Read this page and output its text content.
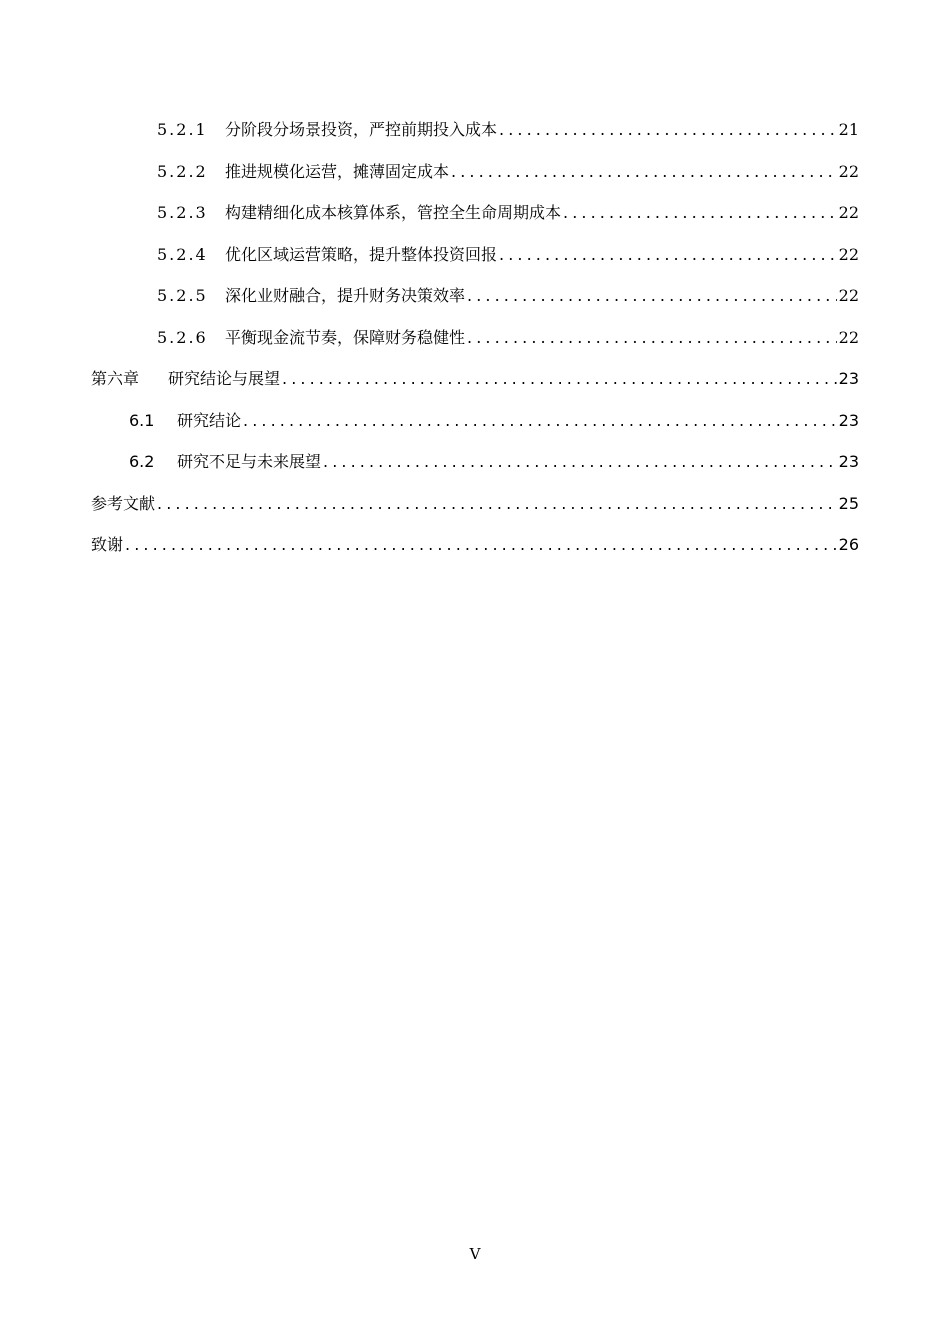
5.2.1	分阶段分场景投资，严控前期投入成本 .....	21
5.2.2	推进规模化运营，摊薄固定成本 .....	22
5.2.3	构建精细化成本核算体系，管控全生命周期成本 .....	22
5.2.4	优化区域运营策略，提升整体投资回报 .....	22
5.2.5	深化业财融合，提升财务决策效率 .....	22
5.2.6	平衡现金流节奏，保障财务稳健性 .....	22
第六章	研究结论与展望 .....	23
6.1	研究结论 .....	23
6.2	研究不足与未来展望 .....	23
参考文献 .....	25
致谢 .....	26
V
